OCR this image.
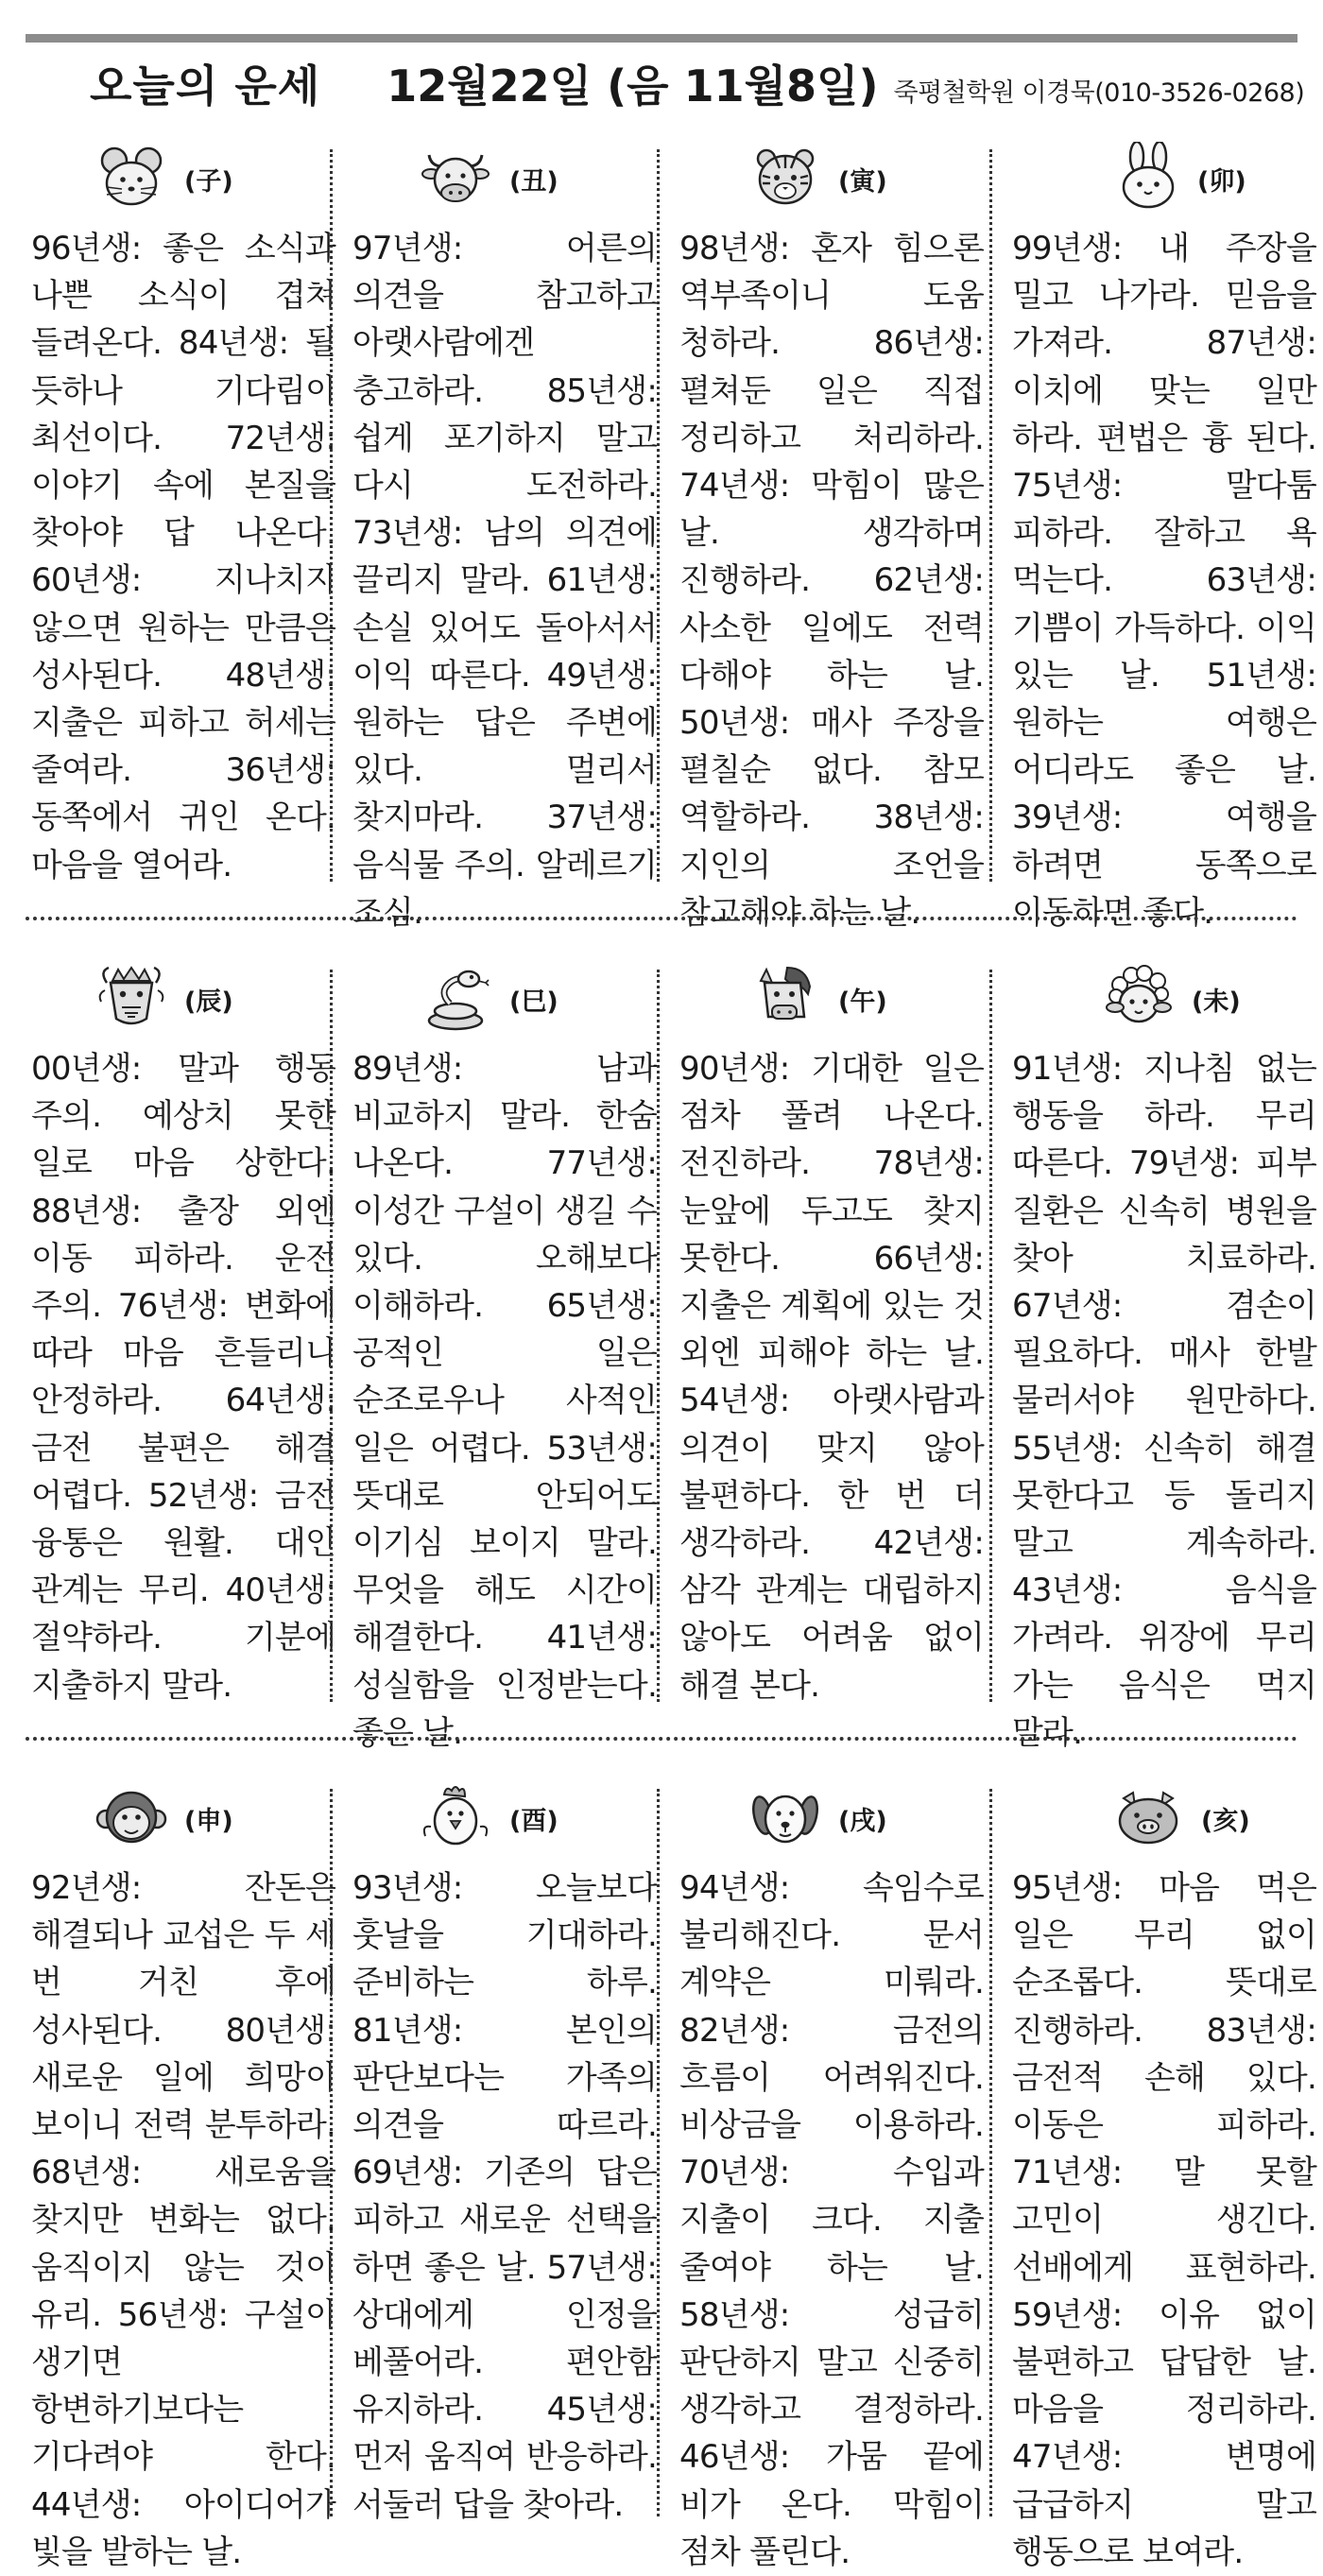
오늘의 운세 12월22일 (음 11월8일) 죽평철학원 이경묵(010-3526-0268)
(子)
96년생: 좋은 소식과 나쁜 소식이 겹쳐 들려온다. 84년생: 될 듯하나 기다림이 최선이다. 72년생: 이야기 속에 본질을 찾아야 답 나온다. 60년생: 지나치지 않으면 원하는 만큼은 성사된다. 48년생: 지출은 피하고 허세는 줄여라. 36년생: 동쪽에서 귀인 온다. 마음을 열어라.
(丑)
97년생: 어른의 의견을 참고하고 아랫사람에겐 충고하라. 85년생: 쉽게 포기하지 말고 다시 도전하라. 73년생: 남의 의견에 끌리지 말라. 61년생: 손실 있어도 돌아서서 이익 따른다. 49년생: 원하는 답은 주변에 있다. 멀리서 찾지마라. 37년생: 음식물 주의. 알레르기 조심.
(寅)
98년생: 혼자 힘으론 역부족이니 도움 청하라. 86년생: 펼쳐둔 일은 직접 정리하고 처리하라. 74년생: 막힘이 많은 날. 생각하며 진행하라. 62년생: 사소한 일에도 전력 다해야 하는 날. 50년생: 매사 주장을 펼칠순 없다. 참모 역할하라. 38년생: 지인의 조언을 참고해야 하는 날.
(卯)
99년생: 내 주장을 밀고 나가라. 믿음을 가져라. 87년생: 이치에 맞는 일만 하라. 편법은 흉 된다. 75년생: 말다툼 피하라. 잘하고 욕 먹는다. 63년생: 기쁨이 가득하다. 이익 있는 날. 51년생: 원하는 여행은 어디라도 좋은 날. 39년생: 여행을 하려면 동쪽으로 이동하면 좋다.
(辰)
00년생: 말과 행동 주의. 예상치 못한 일로 마음 상한다. 88년생: 출장 외엔 이동 피하라. 운전 주의. 76년생: 변화에 따라 마음 흔들리니 안정하라. 64년생: 금전 불편은 해결 어렵다. 52년생: 금전 융통은 원활. 대인 관계는 무리. 40년생: 절약하라. 기분에 지출하지 말라.
(巳)
89년생: 남과 비교하지 말라. 한숨 나온다. 77년생: 이성간 구설이 생길 수 있다. 오해보다 이해하라. 65년생: 공적인 일은 순조로우나 사적인 일은 어렵다. 53년생: 뜻대로 안되어도 이기심 보이지 말라. 무엇을 해도 시간이 해결한다. 41년생: 성실함을 인정받는다. 좋은 날.
(午)
90년생: 기대한 일은 점차 풀려 나온다. 전진하라. 78년생: 눈앞에 두고도 찾지 못한다. 66년생: 지출은 계획에 있는 것 외엔 피해야 하는 날. 54년생: 아랫사람과 의견이 맞지 않아 불편하다. 한 번 더 생각하라. 42년생: 삼각 관계는 대립하지 않아도 어려움 없이 해결 본다.
(未)
91년생: 지나침 없는 행동을 하라. 무리 따른다. 79년생: 피부 질환은 신속히 병원을 찾아 치료하라. 67년생: 겸손이 필요하다. 매사 한발 물러서야 원만하다. 55년생: 신속히 해결 못한다고 등 돌리지 말고 계속하라. 43년생: 음식을 가려라. 위장에 무리 가는 음식은 먹지 말라.
(申)
92년생: 잔돈은 해결되나 교섭은 두 세 번 거친 후에 성사된다. 80년생: 새로운 일에 희망이 보이니 전력 분투하라. 68년생: 새로움을 찾지만 변화는 없다. 움직이지 않는 것이 유리. 56년생: 구설이 생기면 항변하기보다는 기다려야 한다. 44년생: 아이디어가 빛을 발하는 날.
(酉)
93년생: 오늘보다 훗날을 기대하라. 준비하는 하루. 81년생: 본인의 판단보다는 가족의 의견을 따르라. 69년생: 기존의 답은 피하고 새로운 선택을 하면 좋은 날. 57년생: 상대에게 인정을 베풀어라. 편안함 유지하라. 45년생: 먼저 움직여 반응하라. 서둘러 답을 찾아라.
(戌)
94년생: 속임수로 불리해진다. 문서 계약은 미뤄라. 82년생: 금전의 흐름이 어려워진다. 비상금을 이용하라. 70년생: 수입과 지출이 크다. 지출 줄여야 하는 날. 58년생: 성급히 판단하지 말고 신중히 생각하고 결정하라. 46년생: 가뭄 끝에 비가 온다. 막힘이 점차 풀린다.
(亥)
95년생: 마음 먹은 일은 무리 없이 순조롭다. 뜻대로 진행하라. 83년생: 금전적 손해 있다. 이동은 피하라. 71년생: 말 못할 고민이 생긴다. 선배에게 표현하라. 59년생: 이유 없이 불편하고 답답한 날. 마음을 정리하라. 47년생: 변명에 급급하지 말고 행동으로 보여라.
